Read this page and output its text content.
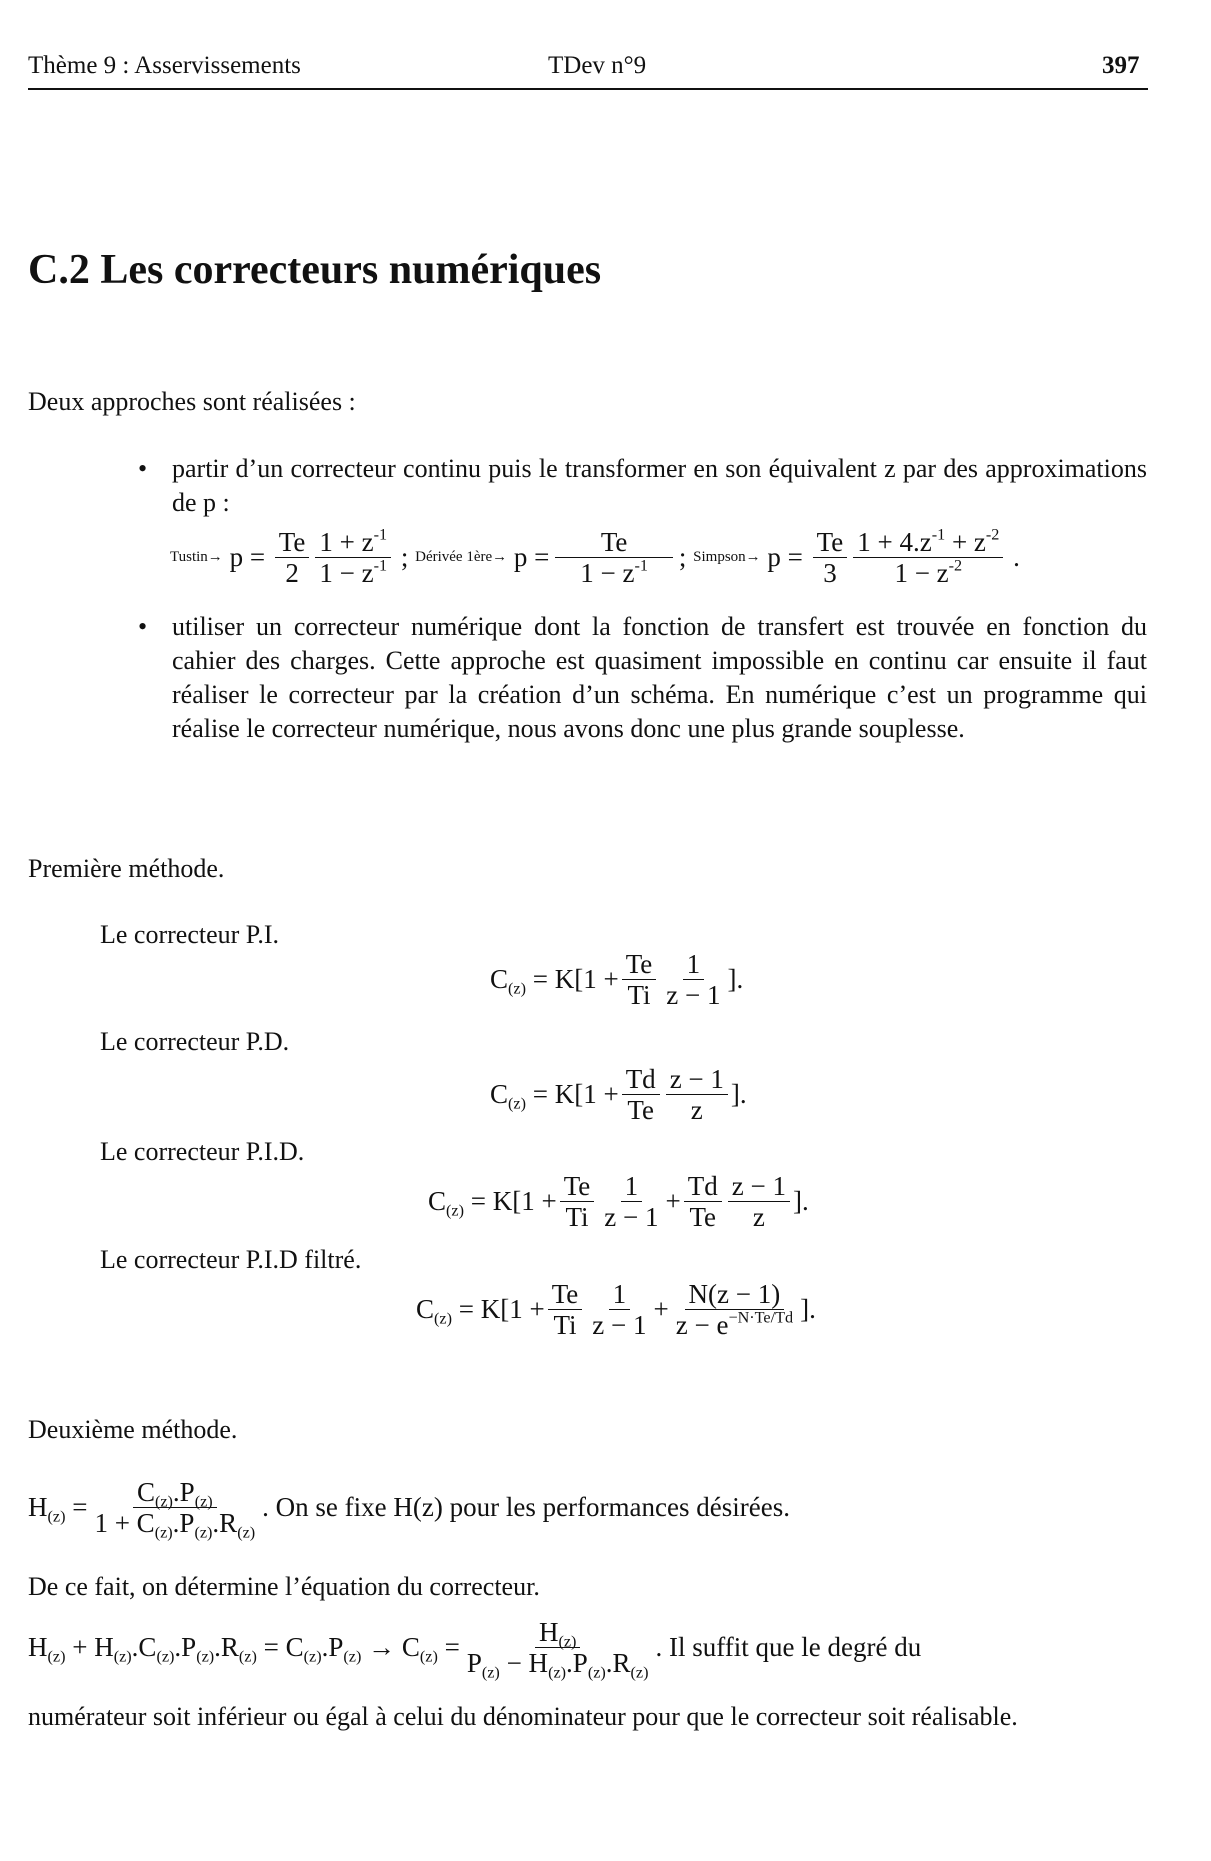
Thème 9 : Asservissements	TDev n°9	397
C.2 Les correcteurs numériques
Deux approches sont réalisées :
• partir d’un correcteur continu puis le transformer en son équivalent z par des approximations de p :
Tustin→ $p = \frac{Te}{2} \frac{1 + z^{-1}}{1 - z^{-1}}$ ; Dérivée 1ère→ $p = \frac{Te}{1 - z^{-1}}$ ; Simpson→ $p = \frac{Te}{3} \frac{1 + 4.z^{-1} + z^{-2}}{1 - z^{-2}}$ .
• utiliser un correcteur numérique dont la fonction de transfert est trouvée en fonction du cahier des charges. Cette approche est quasiment impossible en continu car ensuite il faut réaliser le correcteur par la création d’un schéma. En numérique c’est un programme qui réalise le correcteur numérique, nous avons donc une plus grande souplesse.
Première méthode.
Le correcteur P.I.
$C_{(z)} = K[1 + \frac{Te}{Ti} \frac{1}{z - 1}$ ].
Le correcteur P.D.
$C_{(z)} = K[1 + \frac{Td}{Te} \frac{z - 1}{z}$ ].
Le correcteur P.I.D.
$C_{(z)} = K[1 + \frac{Te}{Ti} \frac{1}{z - 1} + \frac{Td}{Te} \frac{z - 1}{z}$ ].
Le correcteur P.I.D filtré.
$C_{(z)} = K[1 + \frac{Te}{Ti} \frac{1}{z - 1} + \frac{N(z - 1)}{z - e^{-N\cdot Te/Td}}$ ].
Deuxième méthode.
$H_{(z)} = \frac{C_{(z)}.P_{(z)}}{1 + C_{(z)}.P_{(z)}.R_{(z)}}$ . On se fixe H(z) pour les performances désirées.
De ce fait, on détermine l’équation du correcteur.
$H_{(z)} + H_{(z)}.C_{(z)}.P_{(z)}.R_{(z)} = C_{(z)}.P_{(z)} \to C_{(z)} = \frac{H_{(z)}}{P_{(z)} - H_{(z)}.P_{(z)}.R_{(z)}}$ . Il suffit que le degré du
numérateur soit inférieur ou égal à celui du dénominateur pour que le correcteur soit réalisable.
